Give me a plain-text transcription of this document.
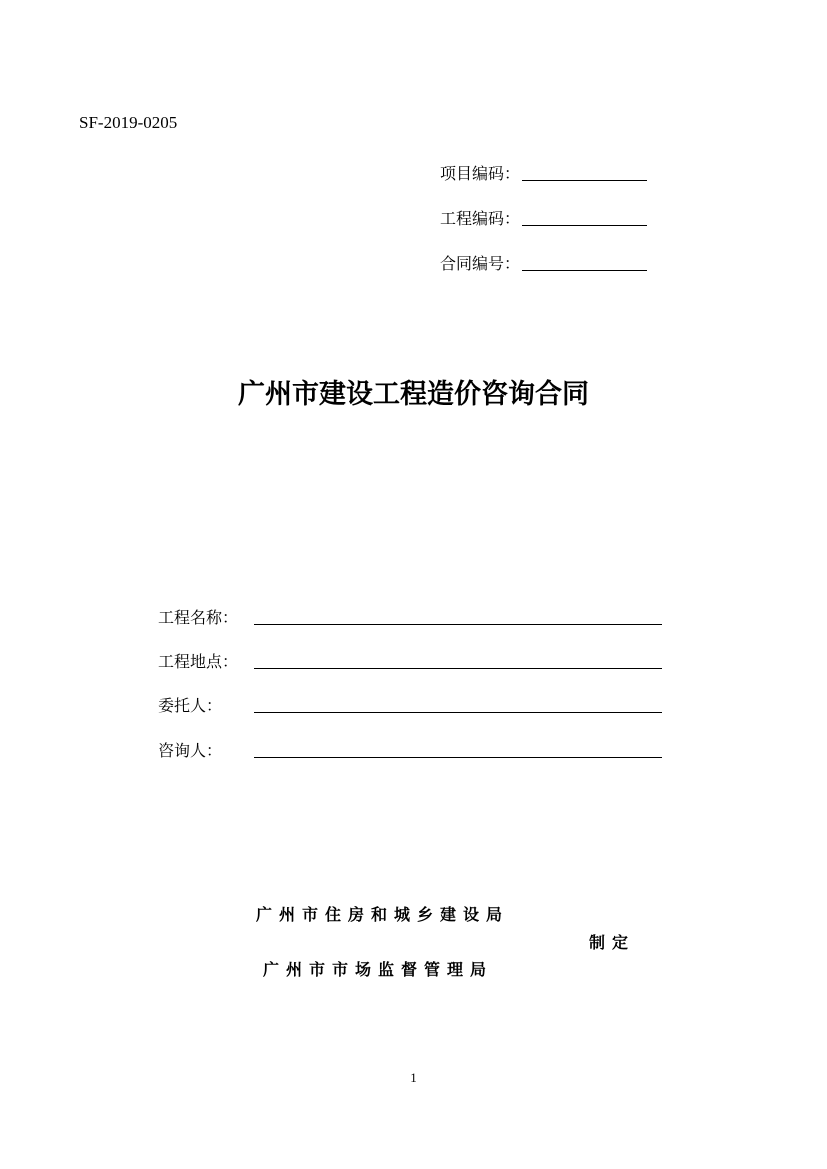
SF-2019-0205
项目编码：
工程编码：
合同编号：
广州市建设工程造价咨询合同
工程名称：
工程地点：
委托人：
咨询人：
广州市住房和城乡建设局
制定
广州市市场监督管理局
1
